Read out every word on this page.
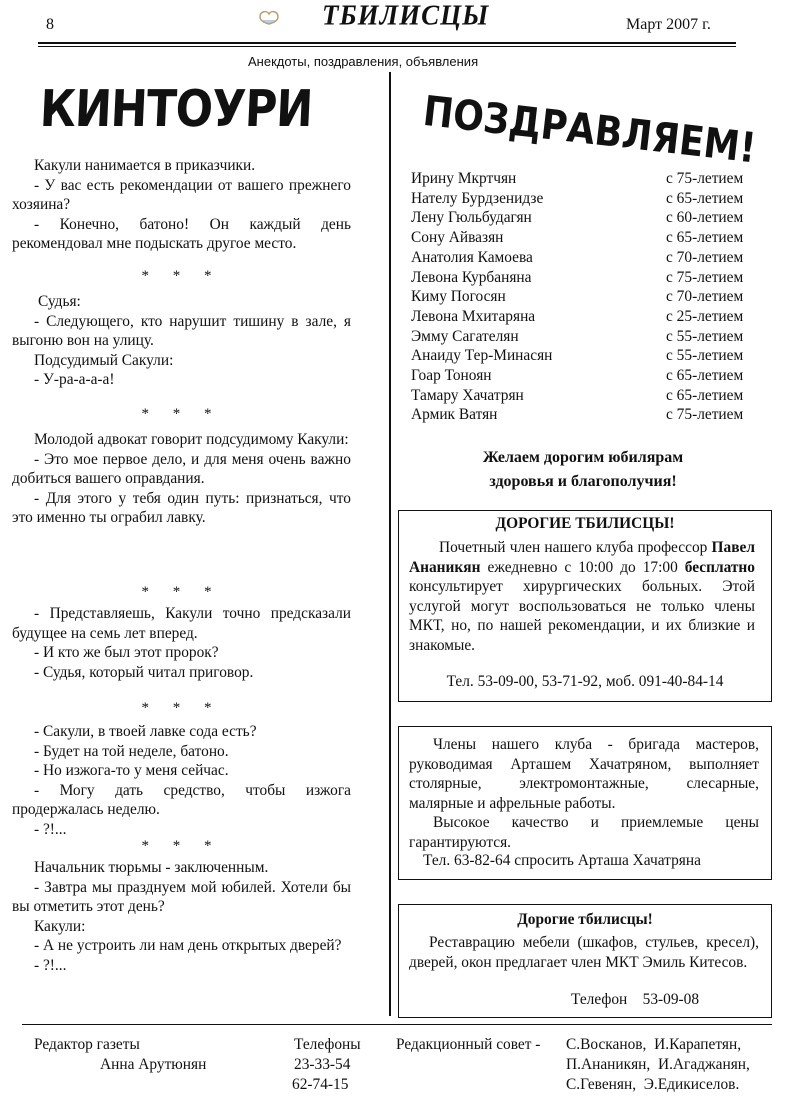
8	ТБИЛИСЦЫ	Март 2007 г.
Анекдоты, поздравления, объявления
КИНТОУРИ

Какули нанимается в приказчики.

- У вас есть рекомендации от вашего прежнего хозяина?

- Конечно, батоно! Он каждый день рекомендовал мне подыскать другое место.

* * *

Судья:

- Следующего, кто нарушит тишину в зале, я выгоню вон на улицу.

Подсудимый Сакули:

- У-ра-а-а-а!

* * *

Молодой адвокат говорит подсудимому Какули:

- Это мое первое дело, и для меня очень важно добиться вашего оправдания.

- Для этого у тебя один путь: признаться, что это именно ты ограбил лавку.

* * *

- Представляешь, Какули точно предсказали будущее на семь лет вперед.

- И кто же был этот пророк?

- Судья, который читал приговор.

* * *

- Сакули, в твоей лавке сода есть?

- Будет на той неделе, батоно.

- Но изжога-то у меня сейчас.

- Могу дать средство, чтобы изжога продержалась неделю.

- ?!...

* * *

Начальник тюрьмы - заключенным.

- Завтра мы празднуем мой юбилей. Хотели бы вы отметить этот день?

Какули:

- А не устроить ли нам день открытых дверей?

- ?!...

ПОЗДРАВЛЯЕМ!
Ирину Мкртчян	с 75-летием
Нателу Бурдзенидзе	с 65-летием
Лену Гюльбудагян	с 60-летием
Сону Айвазян	с 65-летием
Анатолия Камоева	с 70-летием
Левона Курбаняна	с 75-летием
Киму Погосян	с 70-летием
Левона Мхитаряна	с 25-летием
Эмму Сагателян	с 55-летием
Анаиду Тер-Минасян	с 55-летием
Гоар Тоноян	с 65-летием
Тамару Хачатрян	с 65-летием
Армик Ватян	с 75-летием
Желаем дорогим юбилярам
здоровья и благополучия!
ДОРОГИЕ ТБИЛИСЦЫ!

Почетный член нашего клуба профессор Павел Ананикян ежедневно с 10:00 до 17:00 бесплатно консультирует хирургических больных. Этой услугой могут воспользоваться не только члены МКТ, но, по нашей рекомендации, и их близкие и знакомые.

Тел. 53-09-00, 53-71-92, моб. 091-40-84-14

Члены нашего клуба - бригада мастеров, руководимая Арташем Хачатряном, выполняет столярные, электромонтажные, слесарные, малярные и афрельные работы.

Высокое качество и приемлемые цены гарантируются.

Тел. 63-82-64 спросить Арташа Хачатряна
Дорогие тбилисцы!

Реставрацию мебели (шкафов, стульев, кресел), дверей, окон предлагает член МКТ Эмиль Китесов.

Телефон 53-09-08
Редактор газеты
Анна Арутюнян
Телефоны
23-33-54
62-74-15
Редакционный совет - С.Восканов,  И.Карапетян,
П.Ананикян,  И.Агаджанян,
С.Гевенян,  Э.Едикиселов.
